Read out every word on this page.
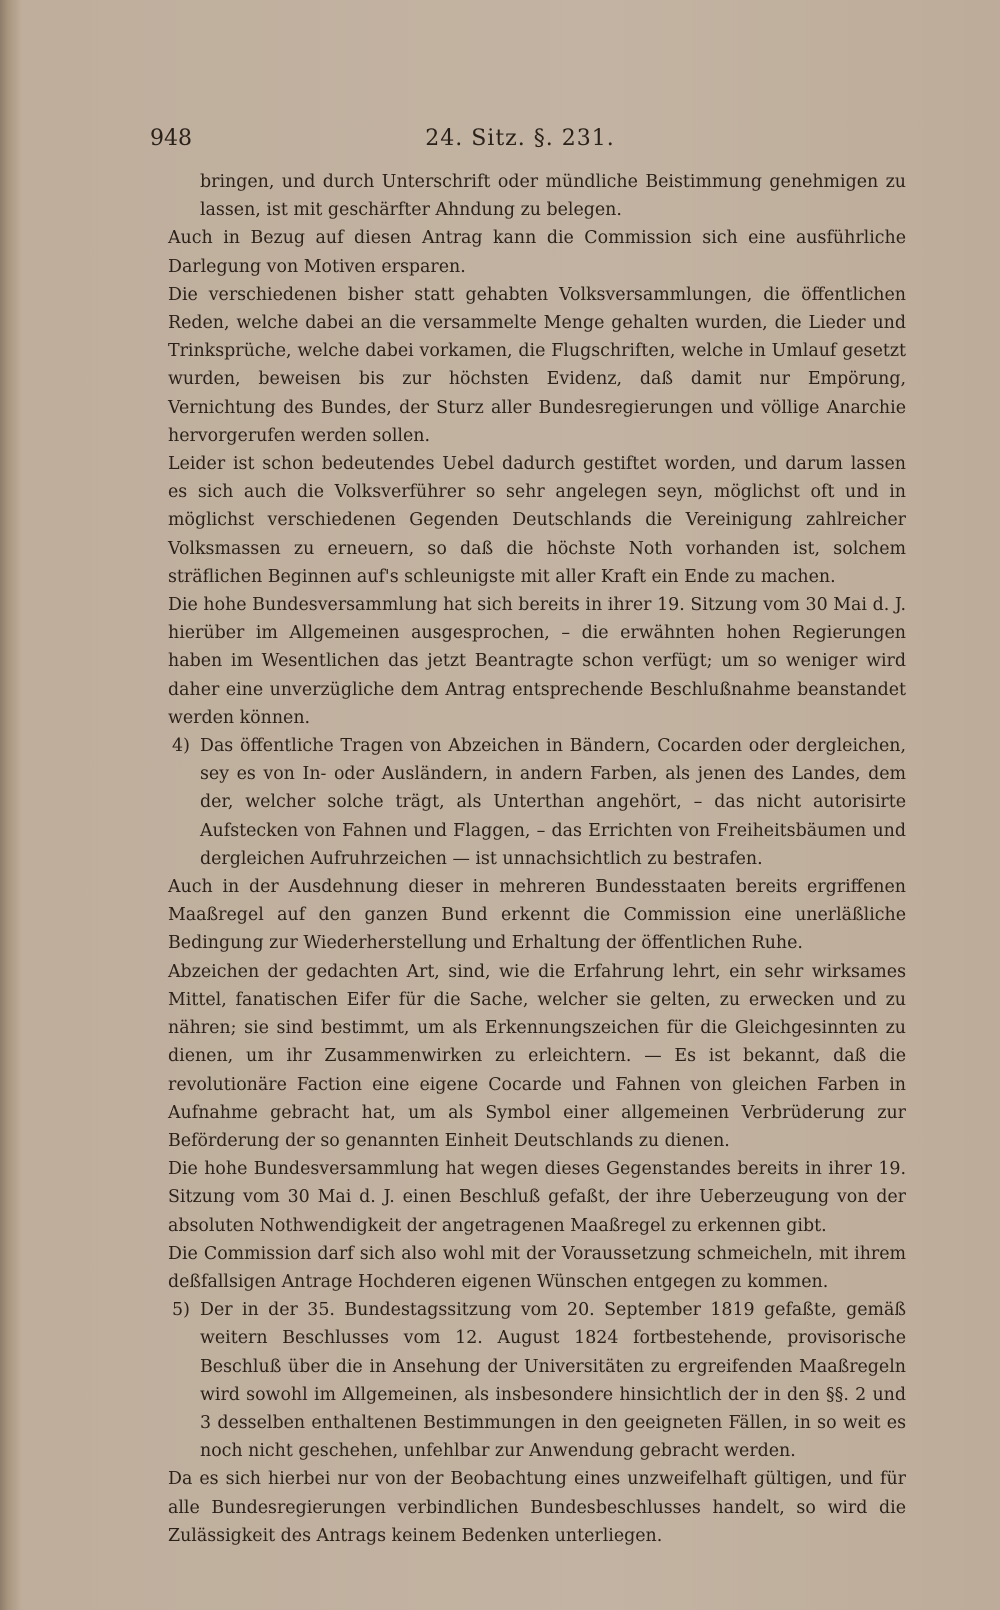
948	24. Sitz. §. 231.

bringen, und durch Unterschrift oder mündliche Beistimmung genehmigen zu lassen, ist mit geschärfter Ahndung zu belegen.

Auch in Bezug auf diesen Antrag kann die Commission sich eine ausführliche Darlegung von Motiven ersparen.

Die verschiedenen bisher statt gehabten Volksversammlungen, die öffentlichen Reden, welche dabei an die versammelte Menge gehalten wurden, die Lieder und Trinksprüche, welche dabei vorkamen, die Flugschriften, welche in Umlauf gesetzt wurden, beweisen bis zur höchsten Evidenz, daß damit nur Empörung, Vernichtung des Bundes, der Sturz aller Bundesregierungen und völlige Anarchie hervorgerufen werden sollen.

Leider ist schon bedeutendes Uebel dadurch gestiftet worden, und darum lassen es sich auch die Volksverführer so sehr angelegen seyn, möglichst oft und in möglichst verschiedenen Gegenden Deutschlands die Vereinigung zahlreicher Volksmassen zu erneuern, so daß die höchste Noth vorhanden ist, solchem sträflichen Beginnen auf's schleunigste mit aller Kraft ein Ende zu machen.

Die hohe Bundesversammlung hat sich bereits in ihrer 19. Sitzung vom 30 Mai d. J. hierüber im Allgemeinen ausgesprochen, – die erwähnten hohen Regierungen haben im Wesentlichen das jetzt Beantragte schon verfügt; um so weniger wird daher eine unverzügliche dem Antrag entsprechende Beschlußnahme beanstandet werden können.

4) Das öffentliche Tragen von Abzeichen in Bändern, Cocarden oder dergleichen, sey es von In- oder Ausländern, in andern Farben, als jenen des Landes, dem der, welcher solche trägt, als Unterthan angehört, – das nicht autorisirte Aufstecken von Fahnen und Flaggen, – das Errichten von Freiheitsbäumen und dergleichen Aufruhrzeichen — ist unnachsichtlich zu bestrafen.

Auch in der Ausdehnung dieser in mehreren Bundesstaaten bereits ergriffenen Maaßregel auf den ganzen Bund erkennt die Commission eine unerläßliche Bedingung zur Wiederherstellung und Erhaltung der öffentlichen Ruhe.

Abzeichen der gedachten Art, sind, wie die Erfahrung lehrt, ein sehr wirksames Mittel, fanatischen Eifer für die Sache, welcher sie gelten, zu erwecken und zu nähren; sie sind bestimmt, um als Erkennungszeichen für die Gleichgesinnten zu dienen, um ihr Zusammenwirken zu erleichtern. — Es ist bekannt, daß die revolutionäre Faction eine eigene Cocarde und Fahnen von gleichen Farben in Aufnahme gebracht hat, um als Symbol einer allgemeinen Verbrüderung zur Beförderung der so genannten Einheit Deutschlands zu dienen.

Die hohe Bundesversammlung hat wegen dieses Gegenstandes bereits in ihrer 19. Sitzung vom 30 Mai d. J. einen Beschluß gefaßt, der ihre Ueberzeugung von der absoluten Nothwendigkeit der angetragenen Maaßregel zu erkennen gibt.

Die Commission darf sich also wohl mit der Voraussetzung schmeicheln, mit ihrem deßfallsigen Antrage Hochderen eigenen Wünschen entgegen zu kommen.

5) Der in der 35. Bundestagssitzung vom 20. September 1819 gefaßte, gemäß weitern Beschlusses vom 12. August 1824 fortbestehende, provisorische Beschluß über die in Ansehung der Universitäten zu ergreifenden Maaßregeln wird sowohl im Allgemeinen, als insbesondere hinsichtlich der in den §§. 2 und 3 desselben enthaltenen Bestimmungen in den geeigneten Fällen, in so weit es noch nicht geschehen, unfehlbar zur Anwendung gebracht werden.

Da es sich hierbei nur von der Beobachtung eines unzweifelhaft gültigen, und für alle Bundesregierungen verbindlichen Bundesbeschlusses handelt, so wird die Zulässigkeit des Antrags keinem Bedenken unterliegen.
